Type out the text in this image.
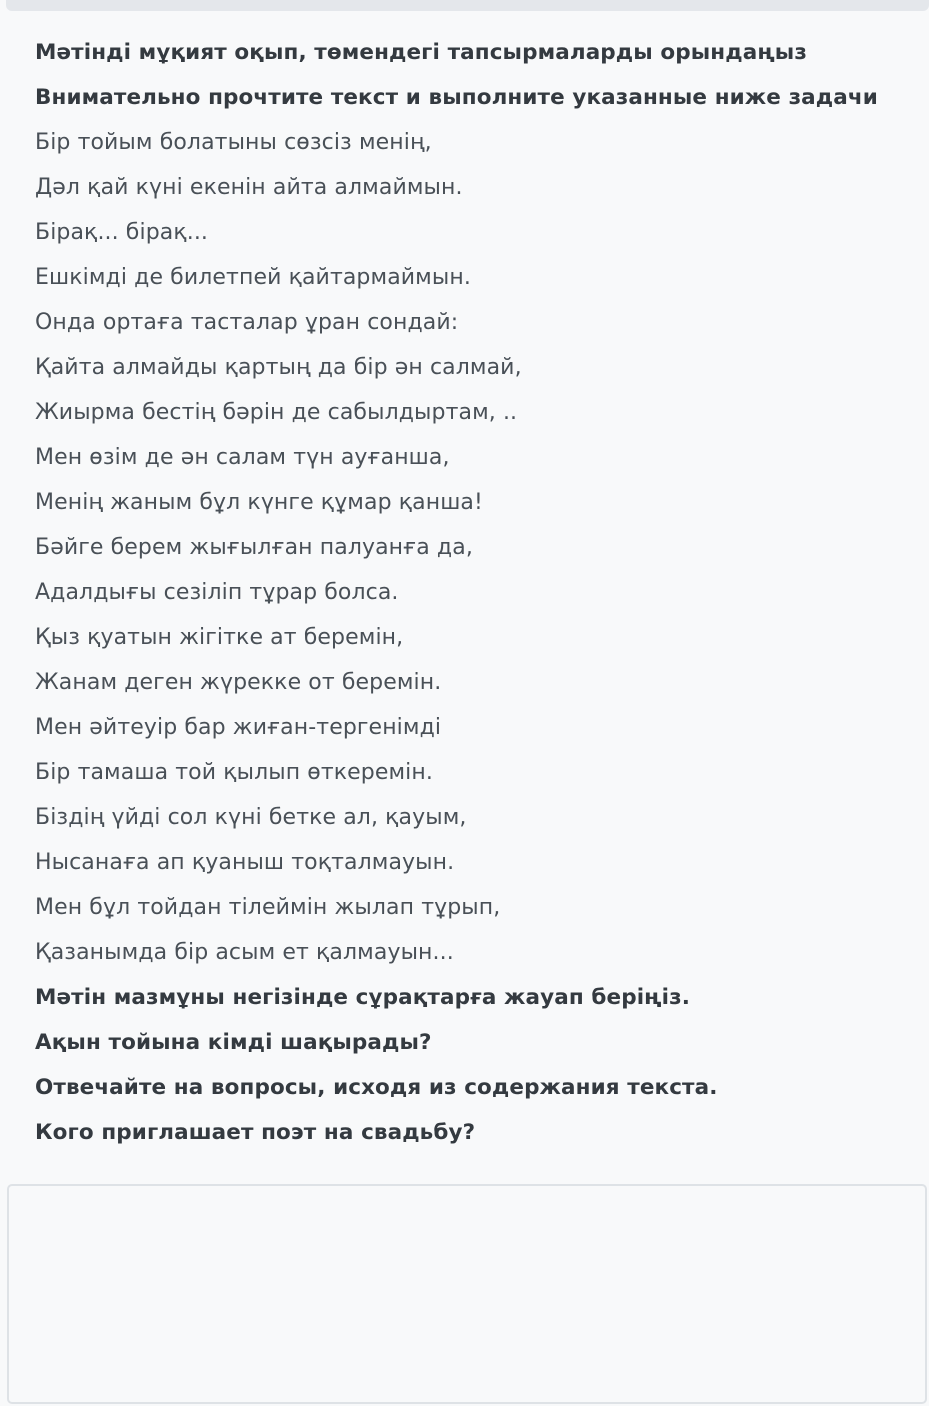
Мәтінді мұқият оқып, төмендегі тапсырмаларды орындаңыз
Внимательно прочтите текст и выполните указанные ниже задачи
Бір тойым болатыны сөзсіз менің,
Дәл қай күні екенін айта алмаймын.
Бірақ... бірақ...
Ешкімді де билетпей қайтармаймын.
Онда ортаға тасталар ұран сондай:
Қайта алмайды қартың да бір ән салмай,
Жиырма бестің бәрін де сабылдыртам, ..
Мен өзім де ән салам түн ауғанша,
Менің жаным бұл күнге құмар қанша!
Бәйге берем жығылған палуанға да,
Адалдығы сезіліп тұрар болса.
Қыз қуатын жігітке ат беремін,
Жанам деген жүрекке от беремін.
Мен әйтеуір бар жиған-тергенімді
Бір тамаша той қылып өткеремін.
Біздің үйді сол күні бетке ал, қауым,
Нысанаға ап қуаныш тоқталмауын.
Мен бұл тойдан тілеймін жылап тұрып,
Қазанымда бір асым ет қалмауын...
Мәтін мазмұны негізінде сұрақтарға жауап беріңіз.
Ақын тойына кімді шақырады?
Отвечайте на вопросы, исходя из содержания текста.
Кого приглашает поэт на свадьбу?
